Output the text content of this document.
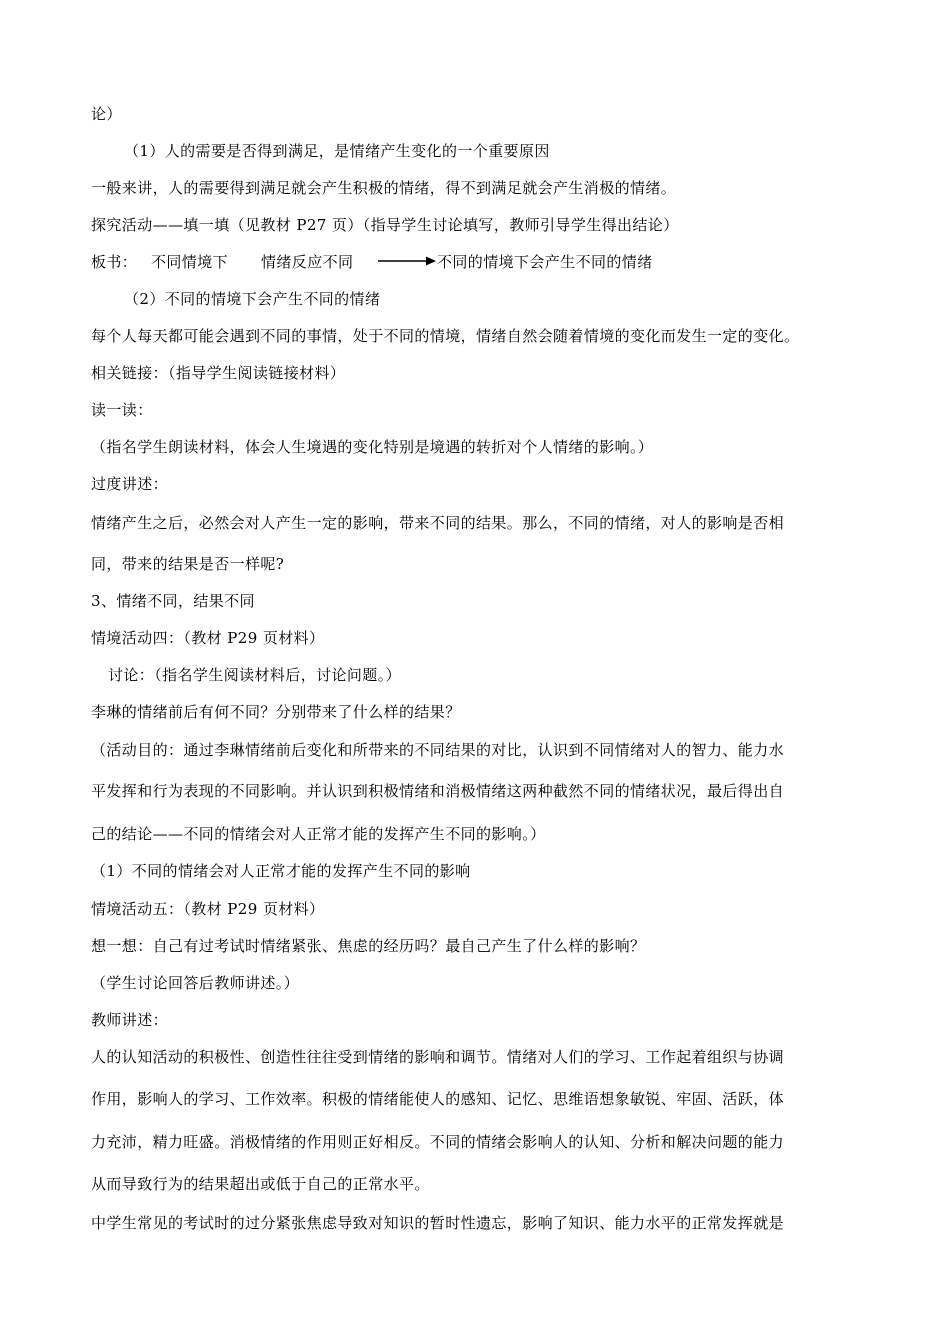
论）
（1）人的需要是否得到满足，是情绪产生变化的一个重要原因
一般来讲，人的需要得到满足就会产生积极的情绪，得不到满足就会产生消极的情绪。
探究活动——填一填（见教材 P27 页）（指导学生讨论填写，教师引导学生得出结论）
板书： 不同情境下 情绪反应不同	不同的情境下会产生不同的情绪
（2）不同的情境下会产生不同的情绪
每个人每天都可能会遇到不同的事情，处于不同的情境，情绪自然会随着情境的变化而发生一定的变化。
相关链接：（指导学生阅读链接材料）
读一读：
（指名学生朗读材料，体会人生境遇的变化特别是境遇的转折对个人情绪的影响。）
过度讲述：
情绪产生之后，必然会对人产生一定的影响，带来不同的结果。那么，不同的情绪，对人的影响是否相
同，带来的结果是否一样呢?
3、情绪不同，结果不同
情境活动四：（教材 P29 页材料）
讨论：（指名学生阅读材料后，讨论问题。）
李琳的情绪前后有何不同？分别带来了什么样的结果？
（活动目的：通过李琳情绪前后变化和所带来的不同结果的对比，认识到不同情绪对人的智力、能力水
平发挥和行为表现的不同影响。并认识到积极情绪和消极情绪这两种截然不同的情绪状况，最后得出自
己的结论——不同的情绪会对人正常才能的发挥产生不同的影响。）
（1）不同的情绪会对人正常才能的发挥产生不同的影响
情境活动五：（教材 P29 页材料）
想一想：自己有过考试时情绪紧张、焦虑的经历吗？最自己产生了什么样的影响？
（学生讨论回答后教师讲述。）
教师讲述：
人的认知活动的积极性、创造性往往受到情绪的影响和调节。情绪对人们的学习、工作起着组织与协调
作用，影响人的学习、工作效率。积极的情绪能使人的感知、记忆、思维语想象敏锐、牢固、活跃，体
力充沛，精力旺盛。消极情绪的作用则正好相反。不同的情绪会影响人的认知、分析和解决问题的能力
从而导致行为的结果超出或低于自己的正常水平。
中学生常见的考试时的过分紧张焦虑导致对知识的暂时性遗忘，影响了知识、能力水平的正常发挥就是
